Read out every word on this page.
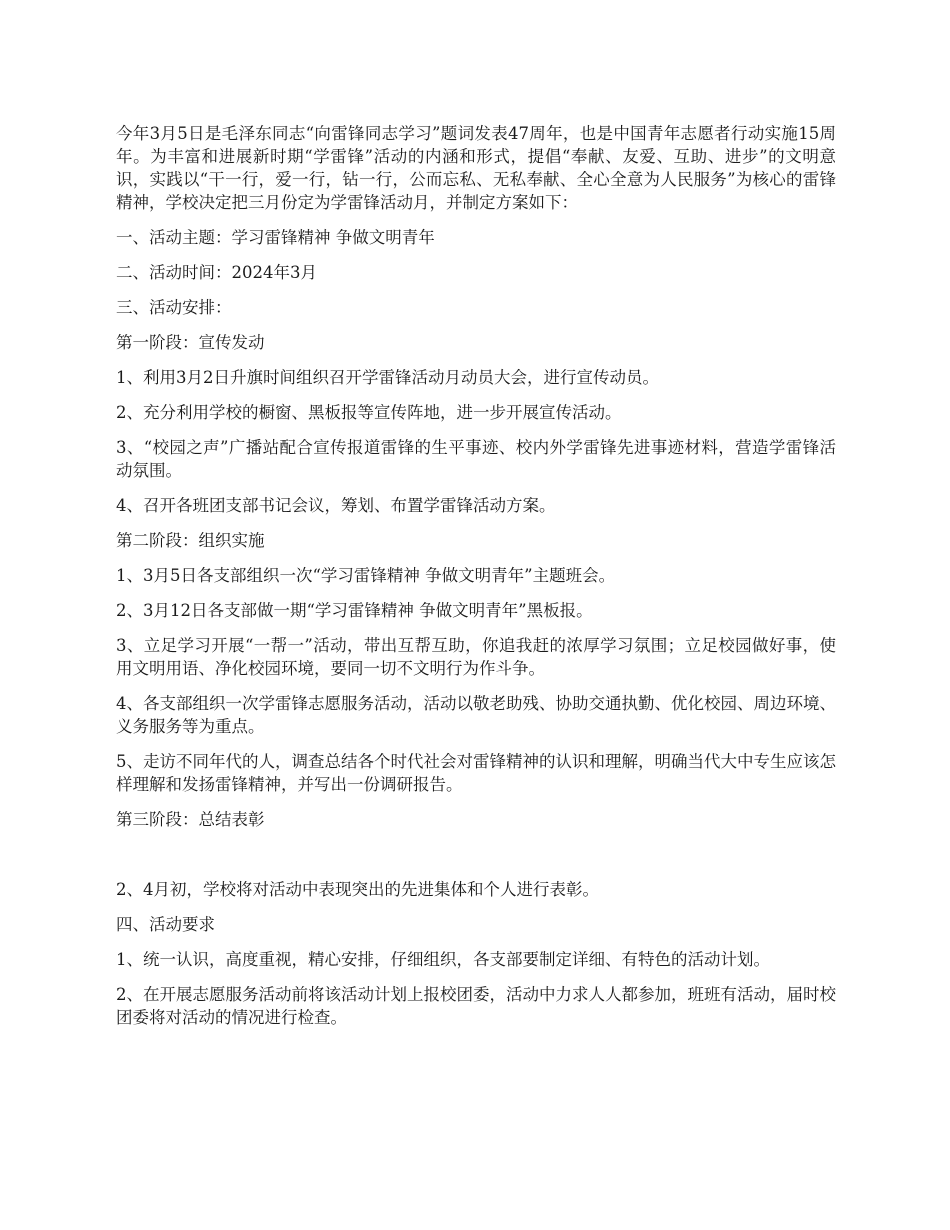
今年3月5日是毛泽东同志“向雷锋同志学习”题词发表47周年，也是中国青年志愿者行动实施15周年。为丰富和进展新时期“学雷锋”活动的内涵和形式，提倡“奉献、友爱、互助、进步”的文明意识，实践以“干一行，爱一行，钻一行，公而忘私、无私奉献、全心全意为人民服务”为核心的雷锋精神，学校决定把三月份定为学雷锋活动月，并制定方案如下：

一、活动主题：学习雷锋精神 争做文明青年

二、活动时间：2024年3月

三、活动安排：

第一阶段：宣传发动

1、利用3月2日升旗时间组织召开学雷锋活动月动员大会，进行宣传动员。

2、充分利用学校的橱窗、黑板报等宣传阵地，进一步开展宣传活动。

3、“校园之声”广播站配合宣传报道雷锋的生平事迹、校内外学雷锋先进事迹材料，营造学雷锋活动氛围。

4、召开各班团支部书记会议，筹划、布置学雷锋活动方案。

第二阶段：组织实施

1、3月5日各支部组织一次“学习雷锋精神 争做文明青年”主题班会。

2、3月12日各支部做一期“学习雷锋精神 争做文明青年”黑板报。

3、立足学习开展“一帮一”活动，带出互帮互助，你追我赶的浓厚学习氛围；立足校园做好事，使用文明用语、净化校园环境，要同一切不文明行为作斗争。

4、各支部组织一次学雷锋志愿服务活动，活动以敬老助残、协助交通执勤、优化校园、周边环境、义务服务等为重点。

5、走访不同年代的人，调查总结各个时代社会对雷锋精神的认识和理解，明确当代大中专生应该怎样理解和发扬雷锋精神，并写出一份调研报告。

第三阶段：总结表彰

2、4月初，学校将对活动中表现突出的先进集体和个人进行表彰。

四、活动要求

1、统一认识，高度重视，精心安排，仔细组织，各支部要制定详细、有特色的活动计划。

2、在开展志愿服务活动前将该活动计划上报校团委，活动中力求人人都参加，班班有活动，届时校团委将对活动的情况进行检查。
